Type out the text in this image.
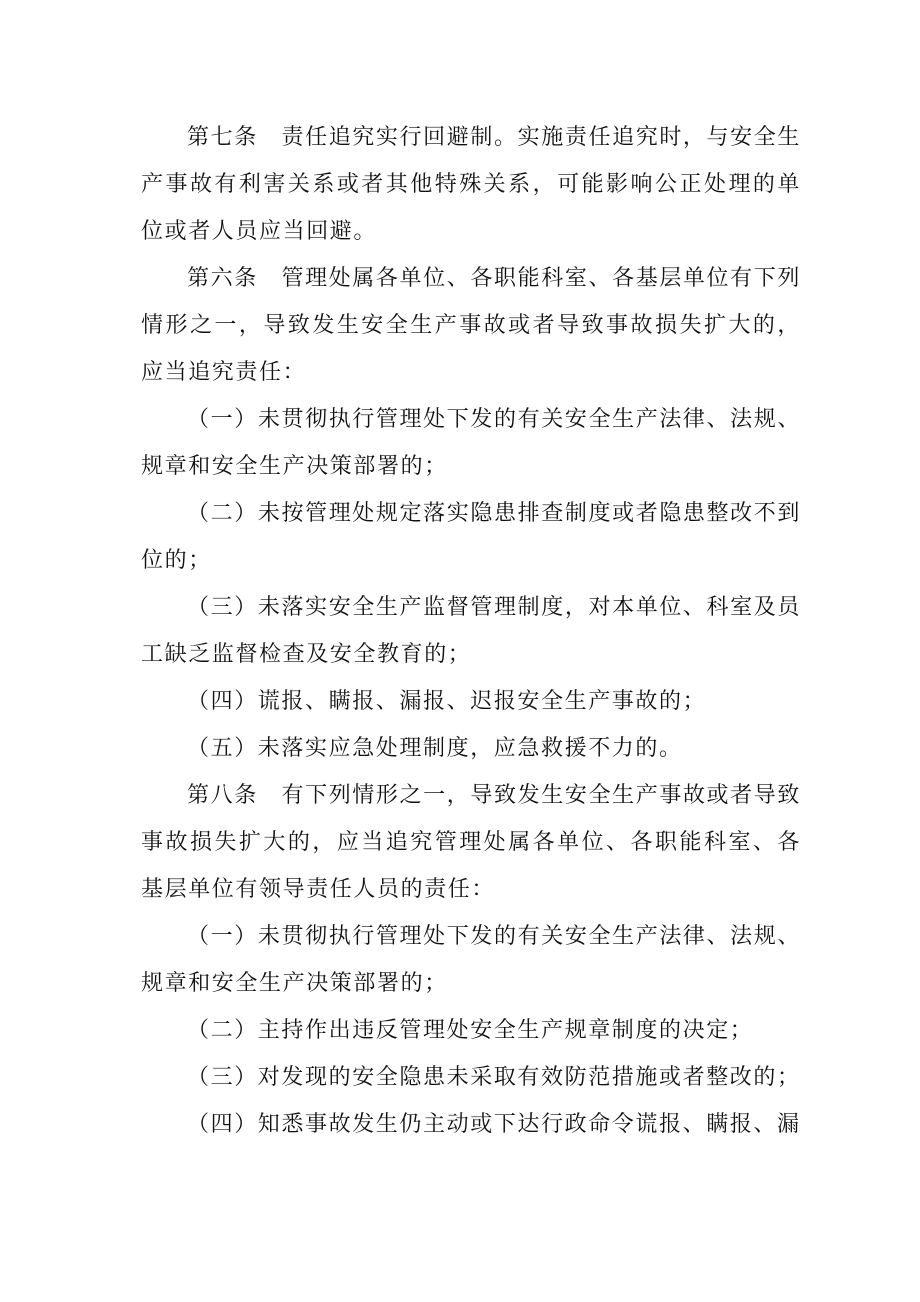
第七条　责任追究实行回避制。实施责任追究时，与安全生产事故有利害关系或者其他特殊关系，可能影响公正处理的单位或者人员应当回避。

第六条　管理处属各单位、各职能科室、各基层单位有下列情形之一，导致发生安全生产事故或者导致事故损失扩大的，应当追究责任：

（一）未贯彻执行管理处下发的有关安全生产法律、法规、规章和安全生产决策部署的；

（二）未按管理处规定落实隐患排查制度或者隐患整改不到位的；

（三）未落实安全生产监督管理制度，对本单位、科室及员工缺乏监督检查及安全教育的；

（四）谎报、瞒报、漏报、迟报安全生产事故的；

（五）未落实应急处理制度，应急救援不力的。

第八条　有下列情形之一，导致发生安全生产事故或者导致事故损失扩大的，应当追究管理处属各单位、各职能科室、各基层单位有领导责任人员的责任：

（一）未贯彻执行管理处下发的有关安全生产法律、法规、规章和安全生产决策部署的；

（二）主持作出违反管理处安全生产规章制度的决定；

（三）对发现的安全隐患未采取有效防范措施或者整改的；

（四）知悉事故发生仍主动或下达行政命令谎报、瞒报、漏
